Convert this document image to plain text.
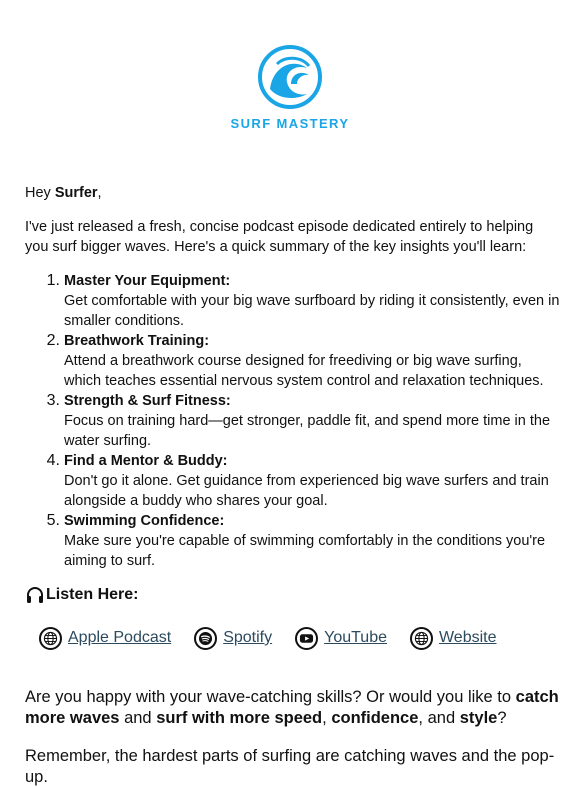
SURF MASTERY

Hey Surfer,

I've just released a fresh, concise podcast episode dedicated entirely to helping you surf bigger waves. Here's a quick summary of the key insights you'll learn:

1. Master Your Equipment:
Get comfortable with your big wave surfboard by riding it consistently, even in smaller conditions.
2. Breathwork Training:
Attend a breathwork course designed for freediving or big wave surfing, which teaches essential nervous system control and relaxation techniques.
3. Strength & Surf Fitness:
Focus on training hard—get stronger, paddle fit, and spend more time in the water surfing.
4. Find a Mentor & Buddy:
Don't go it alone. Get guidance from experienced big wave surfers and train alongside a buddy who shares your goal.
5. Swimming Confidence:
Make sure you're capable of swimming comfortably in the conditions you're aiming to surf.
Listen Here:
Apple Podcast	Spotify	YouTube	Website

Are you happy with your wave-catching skills? Or would you like to catch more waves and surf with more speed, confidence, and style?

Remember, the hardest parts of surfing are catching waves and the pop-up.
